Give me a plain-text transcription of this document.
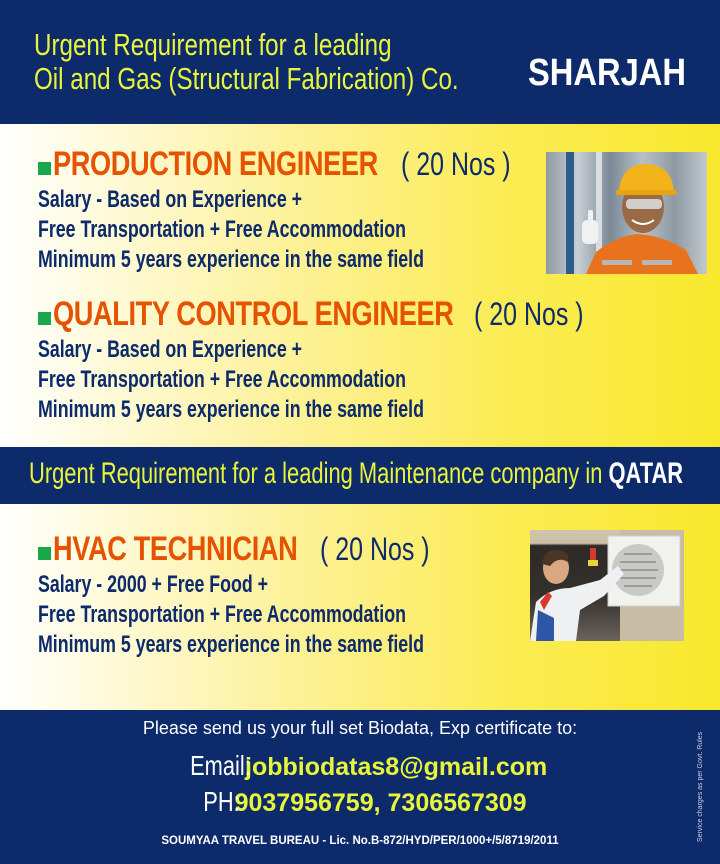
Urgent Requirement for a leading
Oil and Gas (Structural Fabrication) Co. SHARJAH
PRODUCTION ENGINEER ( 20 Nos )
Salary - Based on Experience +
Free Transportation + Free Accommodation
Minimum 5 years experience in the same field
QUALITY CONTROL ENGINEER ( 20 Nos )
Salary - Based on Experience +
Free Transportation + Free Accommodation
Minimum 5 years experience in the same field
Urgent Requirement for a leading Maintenance company in QATAR
HVAC TECHNICIAN ( 20 Nos )
Salary - 2000 + Free Food +
Free Transportation + Free Accommodation
Minimum 5 years experience in the same field
Please send us your full set Biodata, Exp certificate to:
Email: jobbiodatas8@gmail.com
PH: 9037956759, 7306567309
SOUMYAA TRAVEL BUREAU - Lic. No.B-872/HYD/PER/1000+/5/8719/2011	Service charges as per Govt. Rules
